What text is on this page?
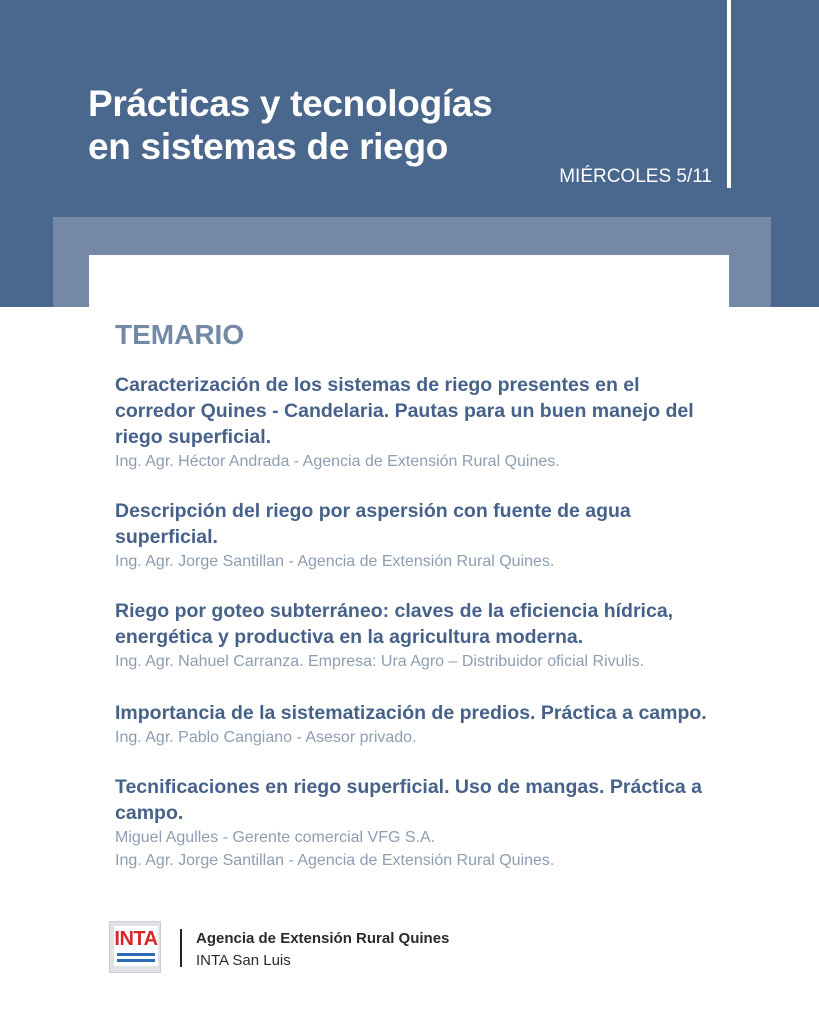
Prácticas y tecnologías
en sistemas de riego
MIÉRCOLES 5/11
TEMARIO
Caracterización de los sistemas de riego presentes en el
corredor Quines - Candelaria. Pautas para un buen manejo del
riego superficial.
Ing. Agr. Héctor Andrada - Agencia de Extensión Rural Quines.
Descripción del riego por aspersión con fuente de agua
superficial.
Ing. Agr. Jorge Santillan - Agencia de Extensión Rural Quines.
Riego por goteo subterráneo: claves de la eficiencia hídrica,
energética y productiva en la agricultura moderna.
Ing. Agr. Nahuel Carranza. Empresa: Ura Agro – Distribuidor oficial Rivulis.
Importancia de la sistematización de predios. Práctica a campo.
Ing. Agr. Pablo Cangiano - Asesor privado.
Tecnificaciones en riego superficial. Uso de mangas. Práctica a
campo.
Miguel Agulles - Gerente comercial VFG S.A.
Ing. Agr. Jorge Santillan - Agencia de Extensión Rural Quines.
INTA	Agencia de Extensión Rural Quines
INTA San Luis
